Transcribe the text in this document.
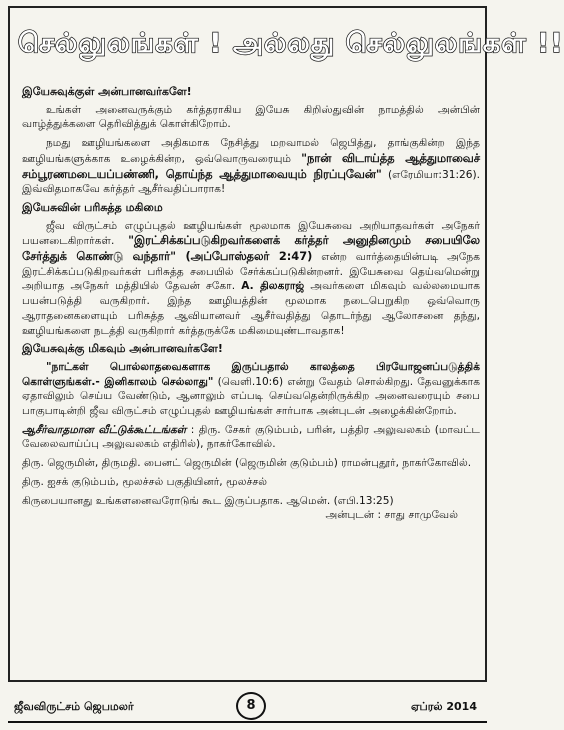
செல்லுலங்கள் ! அல்லது செல்லுலங்கள் !!
இயேசுவுக்குள் அன்பானவர்களே!

உங்கள் அனைவருக்கும் கர்த்தராகிய இயேசு கிறிஸ்துவின் நாமத்தில் அன்பின் வாழ்த்துக்களை தெரிவித்துக் கொள்கிறோம்.

நமது ஊழியங்களை அதிகமாக நேசித்து மறவாமல் ஜெபித்து, தாங்குகின்ற இந்த ஊழியங்களுக்காக உழைக்கின்ற, ஒவ்வொருவரையும் "நான் விடாய்த்த ஆத்துமாவைச் சம்பூரணமடையப்பண்ணி, தொய்ந்த ஆத்துமாவையும் நிரப்புவேன்" (எரேமியா:31:26). இவ்விதமாகவே கர்த்தர் ஆசீர்வதிப்பாராக!

இயேசுவின் பரிசுத்த மகிமை

ஜீவ விருட்சம் எழுப்புதல் ஊழியங்கள் மூலமாக இயேசுவை அறியாதவர்கள் அநேகர் பயனடைகிறார்கள். "இரட்சிக்கப்படுகிறவர்களைக் கர்த்தர் அனுதினமும் சபையிலே சேர்த்துக் கொண்டு வந்தார்" (அப்போஸ்தலர் 2:47) என்ற வார்த்தையின்படி அநேக இரட்சிக்கப்படுகிறவர்கள் பரிசுத்த சபையில் சேர்க்கப்படுகின்றனர். இயேசுவை தெய்வமென்று அறியாத அநேகர் மத்தியில் தேவன் சகோ. A. திலகராஜ் அவர்களை மிகவும் வல்லமையாக பயன்படுத்தி வருகிறார். இந்த ஊழியத்தின் மூலமாக நடைபெறுகிற ஒவ்வொரு ஆராதனைகளையும் பரிசுத்த ஆவியானவர் ஆசீர்வதித்து தொடர்ந்து ஆலோசனை தந்து, ஊழியங்களை நடத்தி வருகிறார் கர்த்தருக்கே மகிமையுண்டாவதாக!

இயேசுவுக்கு மிகவும் அன்பானவர்களே!

"நாட்கள் பொல்லாதவைகளாக இருப்பதால் காலத்தை பிரயோஜனப்படுத்திக் கொள்ளுங்கள்.- இனிகாலம் செல்லாது" (வெளி.10:6) என்று வேதம் சொல்கிறது. தேவனுக்காக ஏதாவிலும் செய்ய வேண்டும், ஆனாலும் எப்படி செய்வதென்றிருக்கிற அனைவரையும் சபை பாகுபாடின்றி ஜீவ விருட்சம் எழுப்புதல் ஊழியங்கள் சார்பாக அன்புடன் அழைக்கின்றோம்.

ஆசீர்வாதமான வீட்டுக்கூட்டங்கள் : திரு. சேகர் குடும்பம், பரின், பத்திர அலுவலகம் (மாவட்ட வேலைவாய்ப்பு அலுவலகம் எதிரில்), நாகர்கோவில்.

திரு. ஜெருமின், திருமதி. பைனட் ஜெருமின் (ஜெருமின் குடும்பம்) ராமன்புதூர், நாகர்கோவில்.

திரு. ஐசக் குடும்பம், மூலச்சல் பகுதியினர், மூலச்சல்

கிருபையானது உங்களனைவரோடுங் கூட இருப்பதாக. ஆமென். (எபி.13:25)

அன்புடன் : சாது சாமுவேல்
ஜீவவிருட்சம் ஜெபமலர்	8	ஏப்ரல் 2014
